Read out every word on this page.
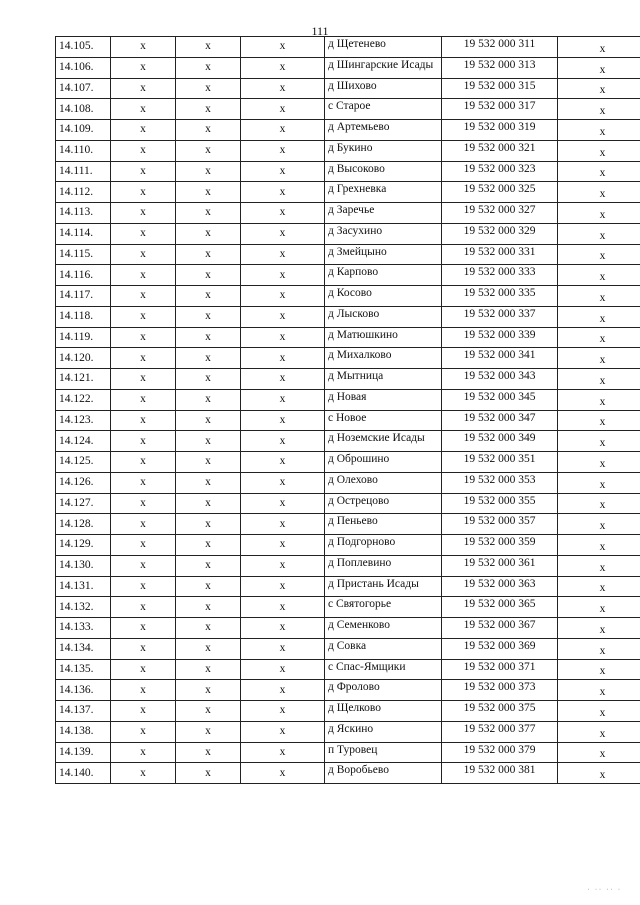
111
14.105.	х	х	х	д Щетенево	19 532 000 311	х
14.106.	х	х	х	д Шингарские Исады	19 532 000 313	х
14.107.	х	х	х	д Шихово	19 532 000 315	х
14.108.	х	х	х	с Старое	19 532 000 317	х
14.109.	х	х	х	д Артемьево	19 532 000 319	х
14.110.	х	х	х	д Букино	19 532 000 321	х
14.111.	х	х	х	д Высоково	19 532 000 323	х
14.112.	х	х	х	д Грехневка	19 532 000 325	х
14.113.	х	х	х	д Заречье	19 532 000 327	х
14.114.	х	х	х	д Засухино	19 532 000 329	х
14.115.	х	х	х	д Змейцыно	19 532 000 331	х
14.116.	х	х	х	д Карпово	19 532 000 333	х
14.117.	х	х	х	д Косово	19 532 000 335	х
14.118.	х	х	х	д Лысково	19 532 000 337	х
14.119.	х	х	х	д Матюшкино	19 532 000 339	х
14.120.	х	х	х	д Михалково	19 532 000 341	х
14.121.	х	х	х	д Мытница	19 532 000 343	х
14.122.	х	х	х	д Новая	19 532 000 345	х
14.123.	х	х	х	с Новое	19 532 000 347	х
14.124.	х	х	х	д Ноземские Исады	19 532 000 349	х
14.125.	х	х	х	д Оброшино	19 532 000 351	х
14.126.	х	х	х	д Олехово	19 532 000 353	х
14.127.	х	х	х	д Острецово	19 532 000 355	х
14.128.	х	х	х	д Пеньево	19 532 000 357	х
14.129.	х	х	х	д Подгорново	19 532 000 359	х
14.130.	х	х	х	д Поплевино	19 532 000 361	х
14.131.	х	х	х	д Пристань Исады	19 532 000 363	х
14.132.	х	х	х	с Святогорье	19 532 000 365	х
14.133.	х	х	х	д Семенково	19 532 000 367	х
14.134.	х	х	х	д Совка	19 532 000 369	х
14.135.	х	х	х	с Спас-Ямщики	19 532 000 371	х
14.136.	х	х	х	д Фролово	19 532 000 373	х
14.137.	х	х	х	д Щелково	19 532 000 375	х
14.138.	х	х	х	д Яскино	19 532 000 377	х
14.139.	х	х	х	п Туровец	19 532 000 379	х
14.140.	х	х	х	д Воробьево	19 532 000 381	х
· ·· ·· ·
